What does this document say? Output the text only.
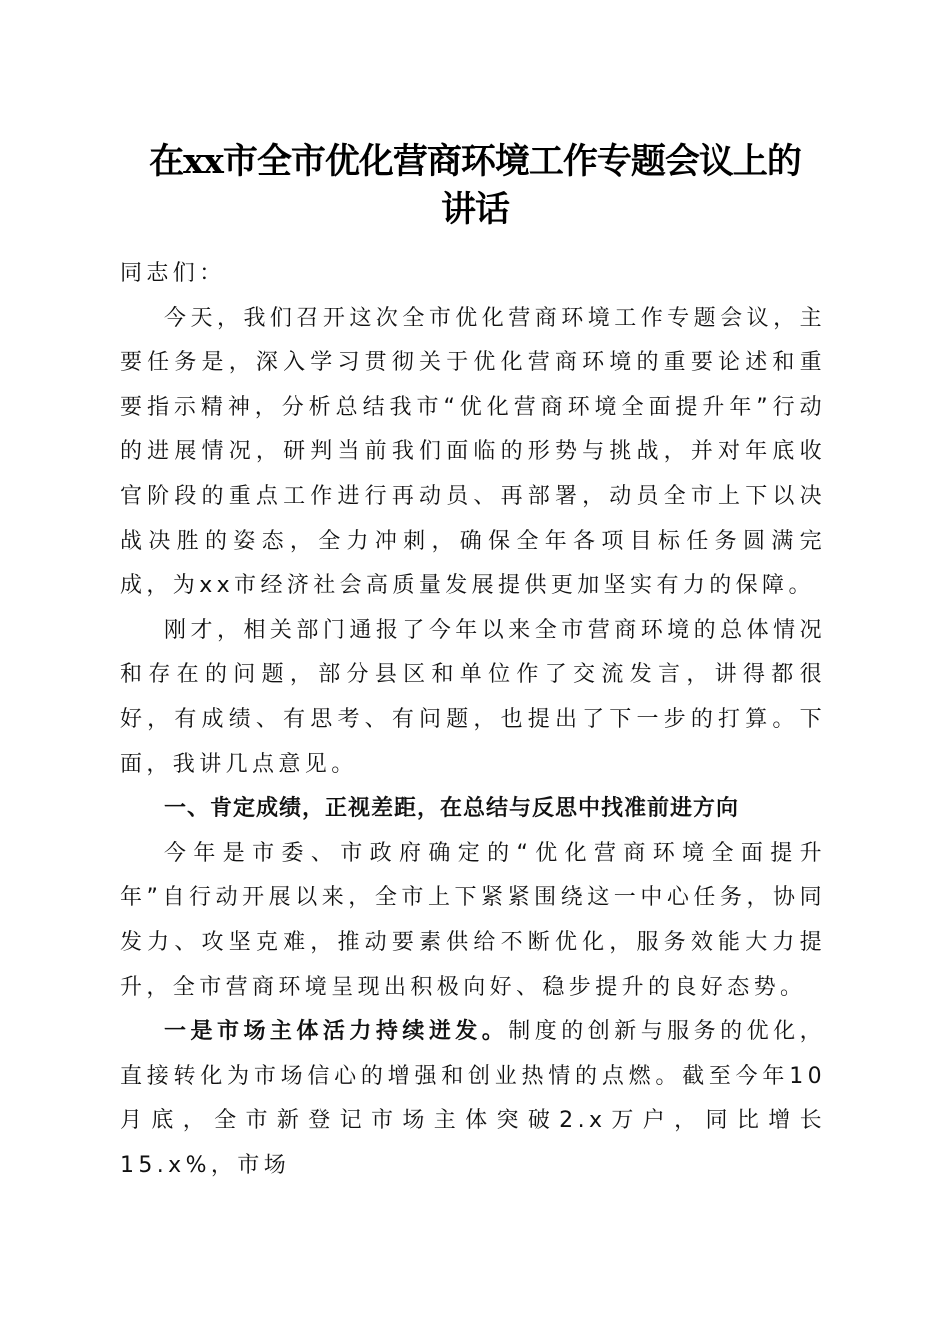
在xx市全市优化营商环境工作专题会议上的
讲话

同志们：

今天，我们召开这次全市优化营商环境工作专题会议，主要任务是，深入学习贯彻关于优化营商环境的重要论述和重要指示精神，分析总结我市“优化营商环境全面提升年”行动的进展情况，研判当前我们面临的形势与挑战，并对年底收官阶段的重点工作进行再动员、再部署，动员全市上下以决战决胜的姿态，全力冲刺，确保全年各项目标任务圆满完成，为xx市经济社会高质量发展提供更加坚实有力的保障。

刚才，相关部门通报了今年以来全市营商环境的总体情况和存在的问题，部分县区和单位作了交流发言，讲得都很好，有成绩、有思考、有问题，也提出了下一步的打算。下面，我讲几点意见。

一、肯定成绩，正视差距，在总结与反思中找准前进方向

今年是市委、市政府确定的“优化营商环境全面提升年”自行动开展以来，全市上下紧紧围绕这一中心任务，协同发力、攻坚克难，推动要素供给不断优化，服务效能大力提升，全市营商环境呈现出积极向好、稳步提升的良好态势。

一是市场主体活力持续迸发。制度的创新与服务的优化，直接转化为市场信心的增强和创业热情的点燃。截至今年10月底，全市新登记市场主体突破2.x万户，同比增长15.x%，市场
